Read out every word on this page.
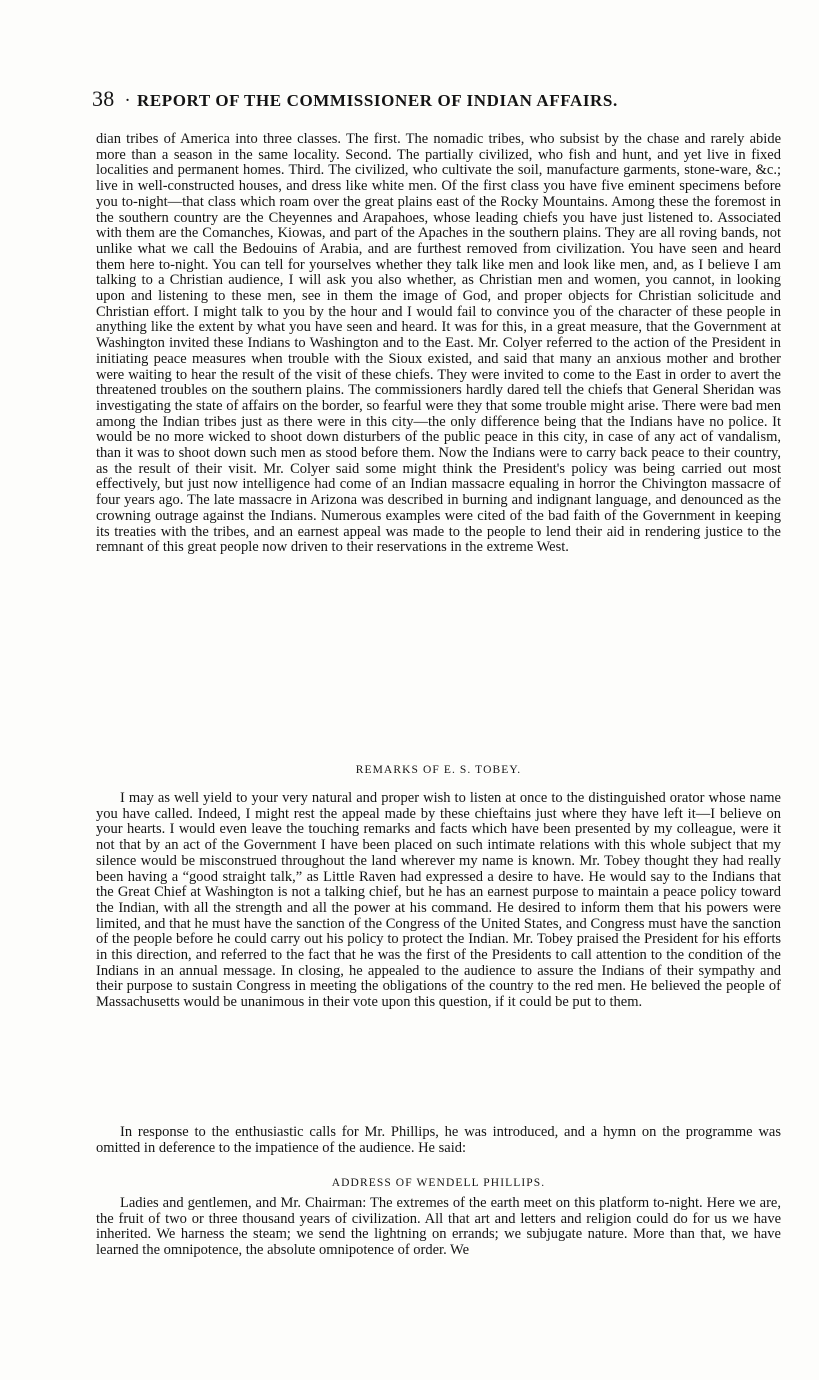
38 · REPORT OF THE COMMISSIONER OF INDIAN AFFAIRS.

dian tribes of America into three classes. The first. The nomadic tribes, who subsist by the chase and rarely abide more than a season in the same locality. Second. The partially civilized, who fish and hunt, and yet live in fixed localities and permanent homes. Third. The civilized, who cultivate the soil, manufacture garments, stone-ware, &c.; live in well-constructed houses, and dress like white men. Of the first class you have five eminent specimens before you to-night—that class which roam over the great plains east of the Rocky Mountains. Among these the foremost in the southern country are the Cheyennes and Arapahoes, whose leading chiefs you have just listened to. Associated with them are the Comanches, Kiowas, and part of the Apaches in the southern plains. They are all roving bands, not unlike what we call the Bedouins of Arabia, and are furthest removed from civilization. You have seen and heard them here to-night. You can tell for yourselves whether they talk like men and look like men, and, as I believe I am talking to a Christian audience, I will ask you also whether, as Christian men and women, you cannot, in looking upon and listening to these men, see in them the image of God, and proper objects for Christian solicitude and Christian effort. I might talk to you by the hour and I would fail to convince you of the character of these people in anything like the extent by what you have seen and heard. It was for this, in a great measure, that the Government at Washington invited these Indians to Washington and to the East. Mr. Colyer referred to the action of the President in initiating peace measures when trouble with the Sioux existed, and said that many an anxious mother and brother were waiting to hear the result of the visit of these chiefs. They were invited to come to the East in order to avert the threatened troubles on the southern plains. The commissioners hardly dared tell the chiefs that General Sheridan was investigating the state of affairs on the border, so fearful were they that some trouble might arise. There were bad men among the Indian tribes just as there were in this city—the only difference being that the Indians have no police. It would be no more wicked to shoot down disturbers of the public peace in this city, in case of any act of vandalism, than it was to shoot down such men as stood before them. Now the Indians were to carry back peace to their country, as the result of their visit. Mr. Colyer said some might think the President's policy was being carried out most effectively, but just now intelligence had come of an Indian massacre equaling in horror the Chivington massacre of four years ago. The late massacre in Arizona was described in burning and indignant language, and denounced as the crowning outrage against the Indians. Numerous examples were cited of the bad faith of the Government in keeping its treaties with the tribes, and an earnest appeal was made to the people to lend their aid in rendering justice to the remnant of this great people now driven to their reservations in the extreme West.

REMARKS OF E. S. TOBEY.

I may as well yield to your very natural and proper wish to listen at once to the distinguished orator whose name you have called. Indeed, I might rest the appeal made by these chieftains just where they have left it—I believe on your hearts. I would even leave the touching remarks and facts which have been presented by my colleague, were it not that by an act of the Government I have been placed on such intimate relations with this whole subject that my silence would be misconstrued throughout the land wherever my name is known. Mr. Tobey thought they had really been having a “good straight talk,” as Little Raven had expressed a desire to have. He would say to the Indians that the Great Chief at Washington is not a talking chief, but he has an earnest purpose to maintain a peace policy toward the Indian, with all the strength and all the power at his command. He desired to inform them that his powers were limited, and that he must have the sanction of the Congress of the United States, and Congress must have the sanction of the people before he could carry out his policy to protect the Indian. Mr. Tobey praised the President for his efforts in this direction, and referred to the fact that he was the first of the Presidents to call attention to the condition of the Indians in an annual message. In closing, he appealed to the audience to assure the Indians of their sympathy and their purpose to sustain Congress in meeting the obligations of the country to the red men. He believed the people of Massachusetts would be unanimous in their vote upon this question, if it could be put to them.

In response to the enthusiastic calls for Mr. Phillips, he was introduced, and a hymn on the programme was omitted in deference to the impatience of the audience. He said:

ADDRESS OF WENDELL PHILLIPS.

Ladies and gentlemen, and Mr. Chairman: The extremes of the earth meet on this platform to-night. Here we are, the fruit of two or three thousand years of civilization. All that art and letters and religion could do for us we have inherited. We harness the steam; we send the lightning on errands; we subjugate nature. More than that, we have learned the omnipotence, the absolute omnipotence of order. We
